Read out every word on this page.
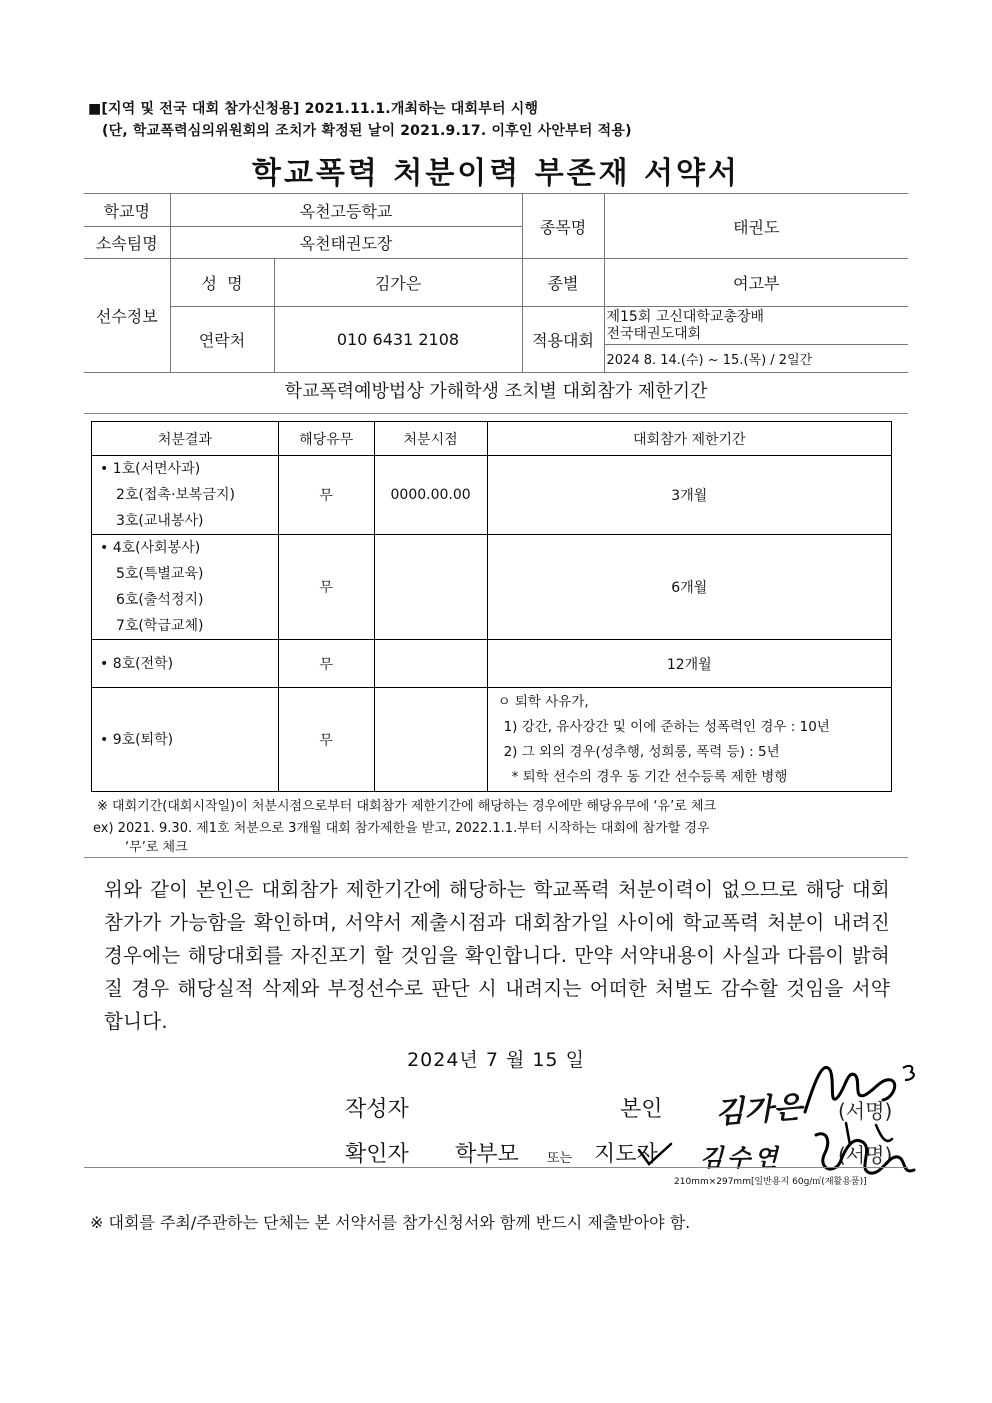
■[지역 및 전국 대회 참가신청용] 2021.11.1.개최하는 대회부터 시행
(단, 학교폭력심의위원회의 조치가 확정된 날이 2021.9.17. 이후인 사안부터 적용)
학교폭력 처분이력 부존재 서약서
학교명	옥천고등학교		종목명	태권도
소속팀명	옥천태권도장			
선수정보	성  명	김가은	종별	여고부
	연락처	010 6431 2108	적용대회	제15회 고신대학교총장배
전국태권도대회

				2024 8. 14.(수) ~ 15.(목) / 2일간
학교폭력예방법상 가해학생 조치별 대회참가 제한기간
처분결과	해당유무	처분시점	대회참가 제한기간

• 1호(서면사과)
2호(접촉·보복금지)
3호(교내봉사)	무	0000.00.00	3개월

• 4호(사회봉사)
5호(특별교육)
6호(출석정지)
7호(학급교체)	무		6개월

• 8호(전학)	무		12개월

• 9호(퇴학)	무		ㅇ 퇴학 사유가,
1) 강간, 유사강간 및 이에 준하는 성폭력인 경우 : 10년
2) 그 외의 경우(성추행, 성희롱, 폭력 등) : 5년
* 퇴학 선수의 경우 동 기간 선수등록 제한 병행
※ 대회기간(대회시작일)이 처분시점으로부터 대회참가 제한기간에 해당하는 경우에만 해당유무에 ‘유’로 체크
ex) 2021. 9.30. 제1호 처분으로 3개월 대회 참가제한을 받고, 2022.1.1.부터 시작하는 대회에 참가할 경우
‘무’로 체크
위와 같이 본인은 대회참가 제한기간에 해당하는 학교폭력 처분이력이 없으므로 해당 대회 참가가 가능함을 확인하며, 서약서 제출시점과 대회참가일 사이에 학교폭력 처분이 내려진 경우에는 해당대회를 자진포기 할 것임을 확인합니다. 만약 서약내용이 사실과 다름이 밝혀질 경우 해당실적 삭제와 부정선수로 판단 시 내려지는 어떠한 처벌도 감수할 것임을 서약합니다.
2024년 7 월 15 일
작성자	본인	(서명)
김가은
확인자 학부모 또는 지도자	(서명)
김수연
210mm×297mm[일반용지 60g/㎡(재활용품)]
※ 대회를 주최/주관하는 단체는 본 서약서를 참가신청서와 함께 반드시 제출받아야 함.
